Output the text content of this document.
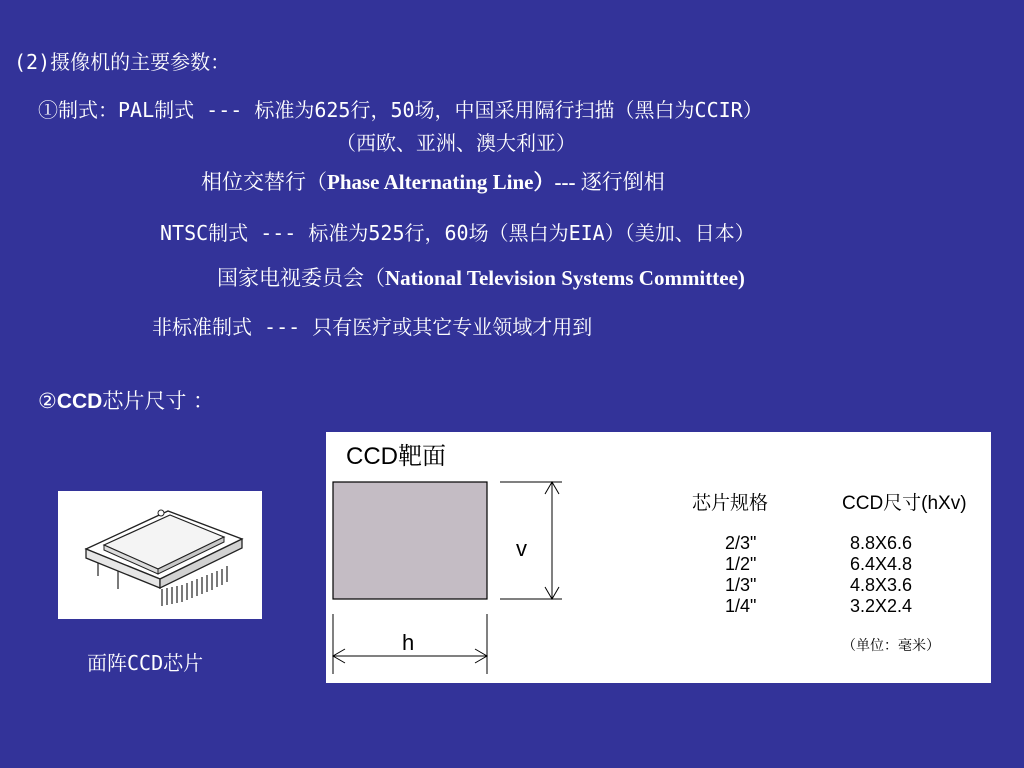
(2)摄像机的主要参数：
①制式：PAL制式 --- 标准为625行，50场，中国采用隔行扫描（黑白为CCIR）
（西欧、亚洲、澳大利亚）
相位交替行（Phase Alternating Line）--- 逐行倒相
NTSC制式 --- 标准为525行，60场（黑白为EIA）（美加、日本）
国家电视委员会（National Television Systems Committee)
非标准制式 --- 只有医疗或其它专业领域才用到
②CCD芯片尺寸 ：
面阵CCD芯片
CCD靶面
v
h
芯片规格	CCD尺寸(hXv)
2/3"	8.8X6.6
1/2"	6.4X4.8
1/3"	4.8X3.6
1/4"	3.2X2.4
（单位：毫米）
